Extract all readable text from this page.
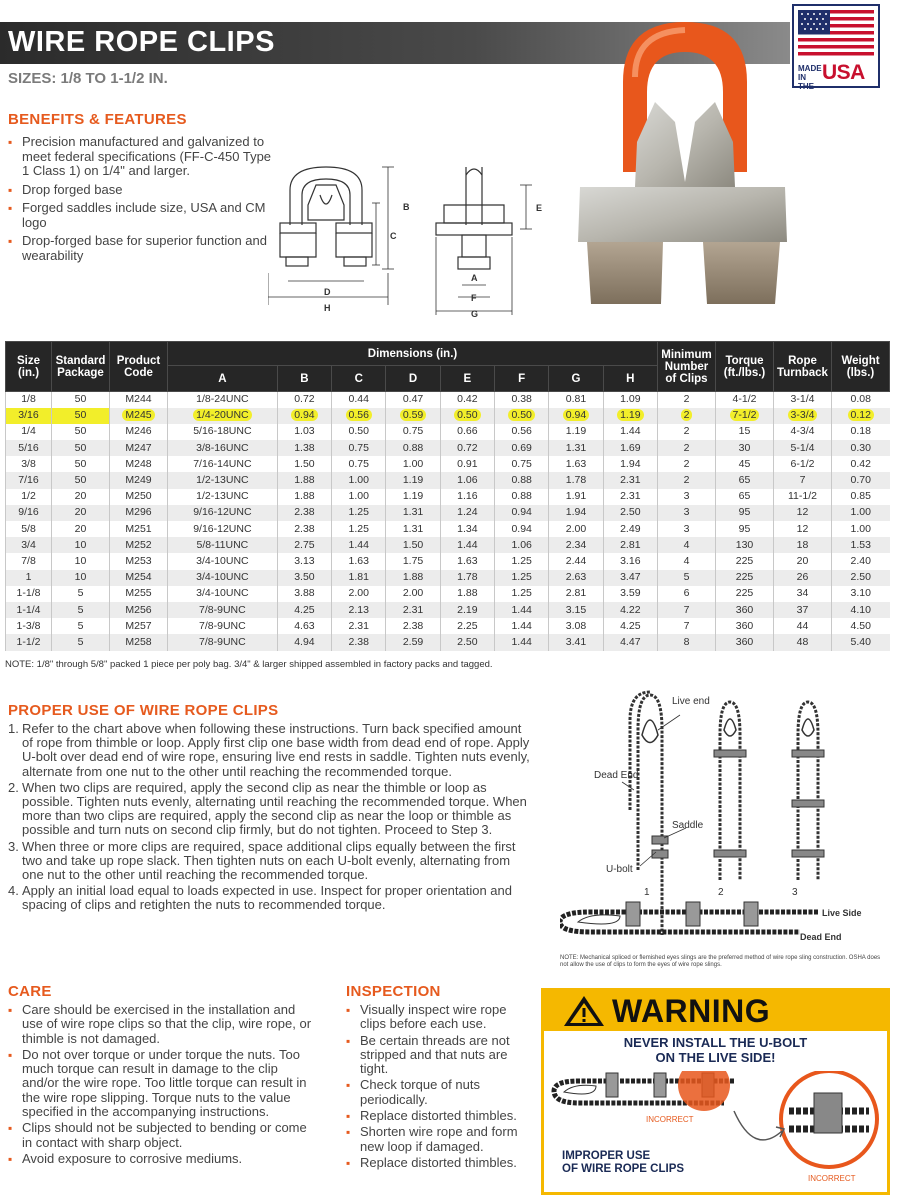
WIRE ROPE CLIPS
MADE IN THE
USA
SIZES: 1/8 TO 1-1/2 IN.
BENEFITS & FEATURES
▪ Precision manufactured and galvanized to meet federal specifications (FF-C-450 Type 1 Class 1) on 1/4" and larger.
▪ Drop forged base
▪ Forged saddles include size, USA and CM logo
▪ Drop-forged base for superior function and wearability
B
C
D
H
E
A
F
G
Size (in.)	Standard Package	Product Code	Dimensions (in.)								Minimum Number of Clips	Torque (ft./lbs.)	Rope Turnback	Weight (lbs.)
			A	B	C	D	E	F	G	H				
1/8	50	M244	1/8-24UNC	0.72	0.44	0.47	0.42	0.38	0.81	1.09	2	4-1/2	3-1/4	0.08
3/16	50	M245	1/4-20UNC	0.94	0.56	0.59	0.50	0.50	0.94	1.19	2	7-1/2	3-3/4	0.12
1/4	50	M246	5/16-18UNC	1.03	0.50	0.75	0.66	0.56	1.19	1.44	2	15	4-3/4	0.18
5/16	50	M247	3/8-16UNC	1.38	0.75	0.88	0.72	0.69	1.31	1.69	2	30	5-1/4	0.30
3/8	50	M248	7/16-14UNC	1.50	0.75	1.00	0.91	0.75	1.63	1.94	2	45	6-1/2	0.42
7/16	50	M249	1/2-13UNC	1.88	1.00	1.19	1.06	0.88	1.78	2.31	2	65	7	0.70
1/2	20	M250	1/2-13UNC	1.88	1.00	1.19	1.16	0.88	1.91	2.31	3	65	11-1/2	0.85
9/16	20	M296	9/16-12UNC	2.38	1.25	1.31	1.24	0.94	1.94	2.50	3	95	12	1.00
5/8	20	M251	9/16-12UNC	2.38	1.25	1.31	1.34	0.94	2.00	2.49	3	95	12	1.00
3/4	10	M252	5/8-11UNC	2.75	1.44	1.50	1.44	1.06	2.34	2.81	4	130	18	1.53
7/8	10	M253	3/4-10UNC	3.13	1.63	1.75	1.63	1.25	2.44	3.16	4	225	20	2.40
1	10	M254	3/4-10UNC	3.50	1.81	1.88	1.78	1.25	2.63	3.47	5	225	26	2.50
1-1/8	5	M255	3/4-10UNC	3.88	2.00	2.00	1.88	1.25	2.81	3.59	6	225	34	3.10
1-1/4	5	M256	7/8-9UNC	4.25	2.13	2.31	2.19	1.44	3.15	4.22	7	360	37	4.10
1-3/8	5	M257	7/8-9UNC	4.63	2.31	2.38	2.25	1.44	3.08	4.25	7	360	44	4.50
1-1/2	5	M258	7/8-9UNC	4.94	2.38	2.59	2.50	1.44	3.41	4.47	8	360	48	5.40
NOTE: 1/8" through 5/8" packed 1 piece per poly bag. 3/4" & larger shipped assembled in factory packs and tagged.
PROPER USE OF WIRE ROPE CLIPS
1. Refer to the chart above when following these instructions. Turn back specified amount of rope from thimble or loop. Apply first clip one base width from dead end of rope. Apply U-bolt over dead end of wire rope, ensuring live end rests in saddle. Tighten nuts evenly, alternate from one nut to the other until reaching the recommended torque.
2. When two clips are required, apply the second clip as near the thimble or loop as possible. Tighten nuts evenly, alternating until reaching the recommended torque. When more than two clips are required, apply the second clip as near the loop or thimble as possible and turn nuts on second clip firmly, but do not tighten. Proceed to Step 3.
3. When three or more clips are required, space additional clips equally between the first two and take up rope slack. Then tighten nuts on each U-bolt evenly, alternating from one nut to the other until reaching the recommended torque.
4. Apply an initial load equal to loads expected in use. Inspect for proper orientation and spacing of clips and retighten the nuts to recommended torque.
Live end
Dead End
Saddle
U-bolt
1	2	3
Live Side
Dead End
NOTE: Mechanical spliced or flemished eyes slings are the preferred method of wire rope sling construction. OSHA does not allow the use of clips to form the eyes of wire rope slings.
CARE
▪ Care should be exercised in the installation and use of wire rope clips so that the clip, wire rope, or thimble is not damaged.
▪ Do not over torque or under torque the nuts. Too much torque can result in damage to the clip and/or the wire rope. Too little torque can result in the wire rope slipping. Torque nuts to the value specified in the accompanying instructions.
▪ Clips should not be subjected to bending or come in contact with sharp object.
▪ Avoid exposure to corrosive mediums.
INSPECTION
▪ Visually inspect wire rope clips before each use.
▪ Be certain threads are not stripped and that nuts are tight.
▪ Check torque of nuts periodically.
▪ Replace distorted thimbles.
▪ Shorten wire rope and form new loop if damaged.
▪ Replace distorted thimbles.
WARNING
NEVER INSTALL THE U-BOLT
ON THE LIVE SIDE!
INCORRECT
INCORRECT
IMPROPER USE
OF WIRE ROPE CLIPS
